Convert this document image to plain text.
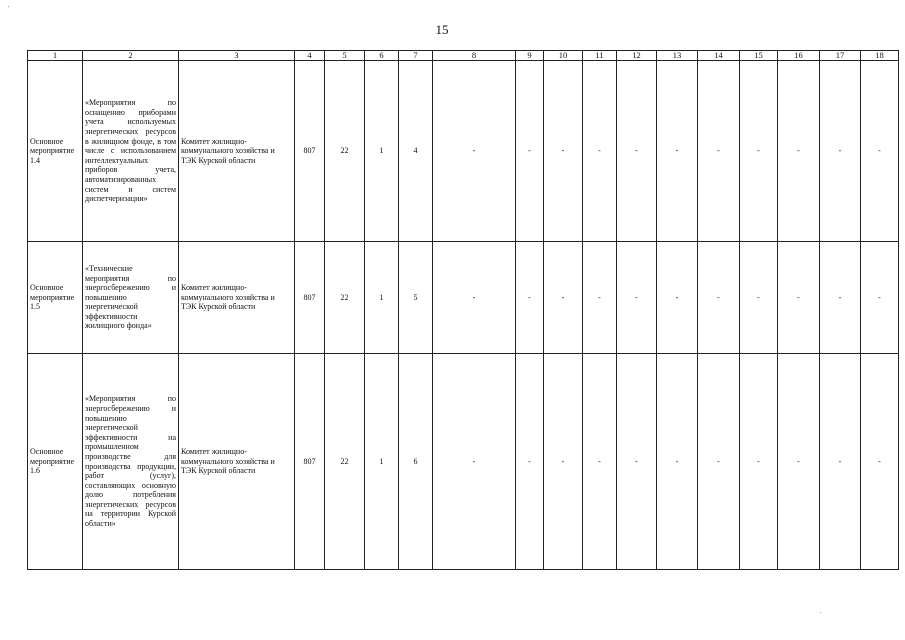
15
1	2	3	4	5	6	7	8	9	10	11	12	13	14	15	16	17	18
Основное мероприятие 1.4	«Мероприятия по оснащению приборами учета используемых энергетических ресурсов в жилищном фонде, в том числе с использованием интеллектуальных приборов учета, автоматизированных систем и систем диспетчеризации»	Комитет жилищно-коммунального хозяйства и ТЭК Курской области	807	22	1	4	-	-	-	-	-	-	-	-	-	-	-
Основное мероприятие 1.5	«Технические мероприятия по энергосбережению и повышению энергетической эффективности жилищного фонда»	Комитет жилищно-коммунального хозяйства и ТЭК Курской области	807	22	1	5	-	-	-	-	-	-	-	-	-	-	-
Основное мероприятие 1.6	«Мероприятия по энергосбережению и повышению энергетической эффективности на промышленном производстве для производства продукции, работ (услуг), составляющих основную долю потребления энергетических ресурсов на территории Курской области»	Комитет жилищно-коммунального хозяйства и ТЭК Курской области	807	22	1	6	-	-	-	-	-	-	-	-	-	-	-
